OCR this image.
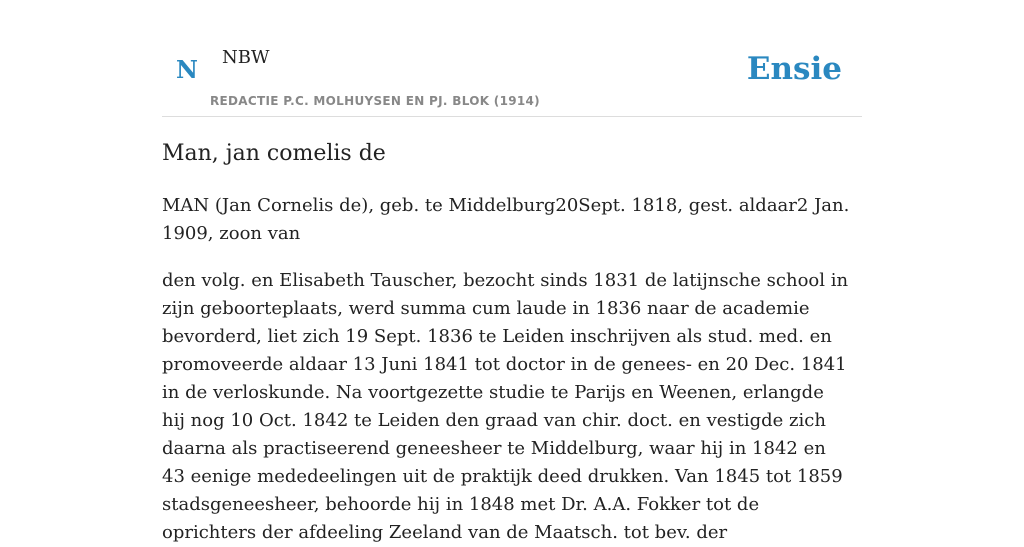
N NBW
REDACTIE P.C. MOLHUYSEN EN PJ. BLOK (1914)
Ensie
Man, jan comelis de

MAN (Jan Cornelis de), geb. te Middelburg20Sept. 1818, gest. aldaar2 Jan. 1909, zoon van

den volg. en Elisabeth Tauscher, bezocht sinds 1831 de latijnsche school in zijn geboorteplaats, werd summa cum laude in 1836 naar de academie bevorderd, liet zich 19 Sept. 1836 te Leiden inschrijven als stud. med. en promoveerde aldaar 13 Juni 1841 tot doctor in de genees- en 20 Dec. 1841 in de verloskunde. Na voortgezette studie te Parijs en Weenen, erlangde hij nog 10 Oct. 1842 te Leiden den graad van chir. doct. en vestigde zich daarna als practiseerend geneesheer te Middelburg, waar hij in 1842 en 43 eenige mededeelingen uit de praktijk deed drukken. Van 1845 tot 1859 stadsgeneesheer, behoorde hij in 1848 met Dr. A.A. Fokker tot de oprichters der afdeeling Zeeland van de Maatsch. tot bev. der
